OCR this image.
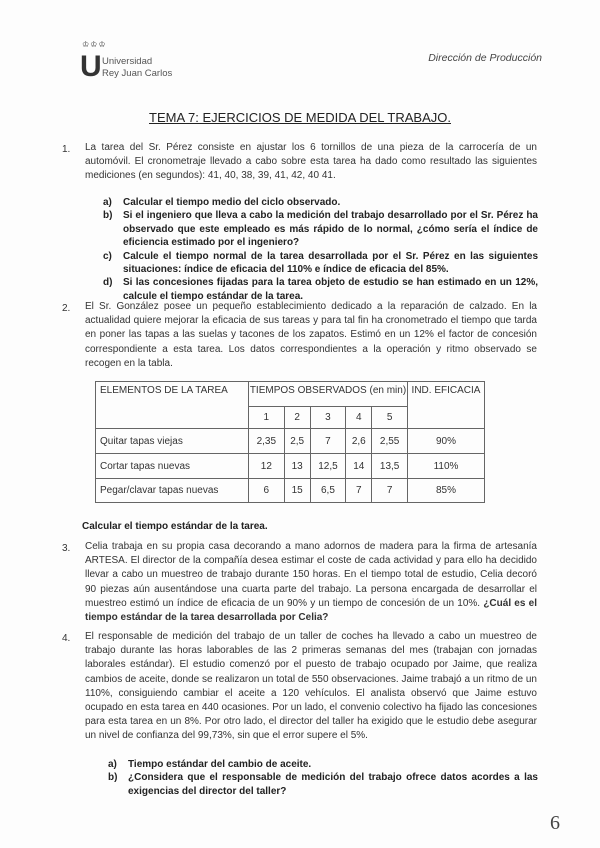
♔♔♔
U Universidad
Rey Juan Carlos
Dirección de Producción
TEMA 7: EJERCICIOS DE MEDIDA DEL TRABAJO.
1. La tarea del Sr. Pérez consiste en ajustar los 6 tornillos de una pieza de la carrocería de un automóvil. El cronometraje llevado a cabo sobre esta tarea ha dado como resultado las siguientes mediciones (en segundos): 41, 40, 38, 39, 41, 42, 40 41.
a) Calcular el tiempo medio del ciclo observado.
b) Si el ingeniero que lleva a cabo la medición del trabajo desarrollado por el Sr. Pérez ha observado que este empleado es más rápido de lo normal, ¿cómo sería el índice de eficiencia estimado por el ingeniero?
c) Calcule el tiempo normal de la tarea desarrollada por el Sr. Pérez en las siguientes situaciones: índice de eficacia del 110% e índice de eficacia del 85%.
d) Si las concesiones fijadas para la tarea objeto de estudio se han estimado en un 12%, calcule el tiempo estándar de la tarea.
2. El Sr. González posee un pequeño establecimiento dedicado a la reparación de calzado. En la actualidad quiere mejorar la eficacia de sus tareas y para tal fin ha cronometrado el tiempo que tarda en poner las tapas a las suelas y tacones de los zapatos. Estimó en un 12% el factor de concesión correspondiente a esta tarea. Los datos correspondientes a la operación y ritmo observado se recogen en la tabla.
ELEMENTOS DE LA TAREA	TIEMPOS OBSERVADOS (en min)					IND. EFICACIA
	1	2	3	4	5	
Quitar tapas viejas	2,35	2,5	7	2,6	2,55	90%
Cortar tapas nuevas	12	13	12,5	14	13,5	110%
Pegar/clavar tapas nuevas	6	15	6,5	7	7	85%
Calcular el tiempo estándar de la tarea.
3. Celia trabaja en su propia casa decorando a mano adornos de madera para la firma de artesanía ARTESA. El director de la compañía desea estimar el coste de cada actividad y para ello ha decidido llevar a cabo un muestreo de trabajo durante 150 horas. En el tiempo total de estudio, Celia decoró 90 piezas aún ausentándose una cuarta parte del trabajo. La persona encargada de desarrollar el muestreo estimó un índice de eficacia de un 90% y un tiempo de concesión de un 10%. ¿Cuál es el tiempo estándar de la tarea desarrollada por Celia?
4. El responsable de medición del trabajo de un taller de coches ha llevado a cabo un muestreo de trabajo durante las horas laborables de las 2 primeras semanas del mes (trabajan con jornadas laborales estándar). El estudio comenzó por el puesto de trabajo ocupado por Jaime, que realiza cambios de aceite, donde se realizaron un total de 550 observaciones. Jaime trabajó a un ritmo de un 110%, consiguiendo cambiar el aceite a 120 vehículos. El analista observó que Jaime estuvo ocupado en esta tarea en 440 ocasiones. Por un lado, el convenio colectivo ha fijado las concesiones para esta tarea en un 8%. Por otro lado, el director del taller ha exigido que le estudio debe asegurar un nivel de confianza del 99,73%, sin que el error supere el 5%.
a) Tiempo estándar del cambio de aceite.
b) ¿Considera que el responsable de medición del trabajo ofrece datos acordes a las exigencias del director del taller?
6
